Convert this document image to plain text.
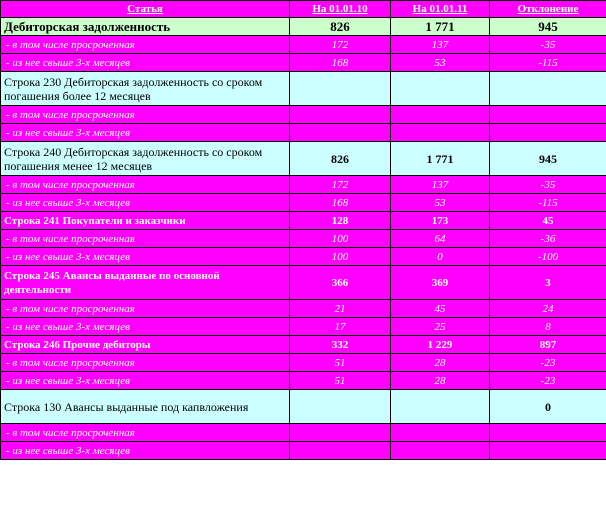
Статья	На 01.01.10	На 01.01.11	Отклонение
Дебиторская задолженность	826	1 771	945
- в том числе просроченная	172	137	-35
- из нее свыше 3-х месяцев	168	53	-115
Строка 230 Дебиторская задолженность со сроком погашения более 12 месяцев			
- в том числе просроченная			
- из нее свыше 3-х месяцев			
Строка 240 Дебиторская задолженность со сроком погашения менее 12 месяцев	826	1 771	945
- в том числе просроченная	172	137	-35
- из нее свыше 3-х месяцев	168	53	-115
Строка 241 Покупатели и заказчики	128	173	45
- в том числе просроченная	100	64	-36
- из нее свыше 3-х месяцев	100	0	-100
Строка 245 Авансы выданные по основной деятельности	366	369	3
- в том числе просроченная	21	45	24
- из нее свыше 3-х месяцев	17	25	8
Строка 246 Прочие дебиторы	332	1 229	897
- в том числе просроченная	51	28	-23
- из нее свыше 3-х месяцев	51	28	-23
Строка 130 Авансы выданные под капвложения			0
- в том числе просроченная			
- из нее свыше 3-х месяцев			
